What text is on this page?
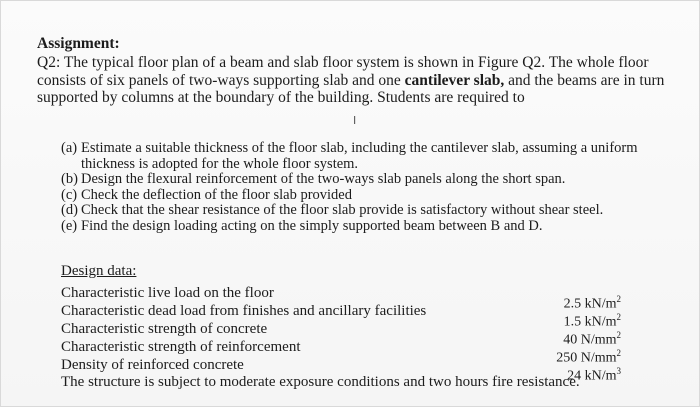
Assignment:
Q2: The typical floor plan of a beam and slab floor system is shown in Figure Q2. The whole floor consists of six panels of two-ways supporting slab and one cantilever slab, and the beams are in turn supported by columns at the boundary of the building. Students are required to
I
(a) Estimate a suitable thickness of the floor slab, including the cantilever slab, assuming a uniform thickness is adopted for the whole floor system.
(b) Design the flexural reinforcement of the two-ways slab panels along the short span.
(c) Check the deflection of the floor slab provided
(d) Check that the shear resistance of the floor slab provide is satisfactory without shear steel.
(e) Find the design loading acting on the simply supported beam between B and D.
Design data:
Characteristic live load on the floor
2.5 $kN/m^2$
Characteristic dead load from finishes and ancillary facilities
1.5 $kN/m^2$
Characteristic strength of concrete
40 $N/mm^2$
Characteristic strength of reinforcement
250 $N/mm^2$
Density of reinforced concrete
24 $kN/m^3$
The structure is subject to moderate exposure conditions and two hours fire resistance.
